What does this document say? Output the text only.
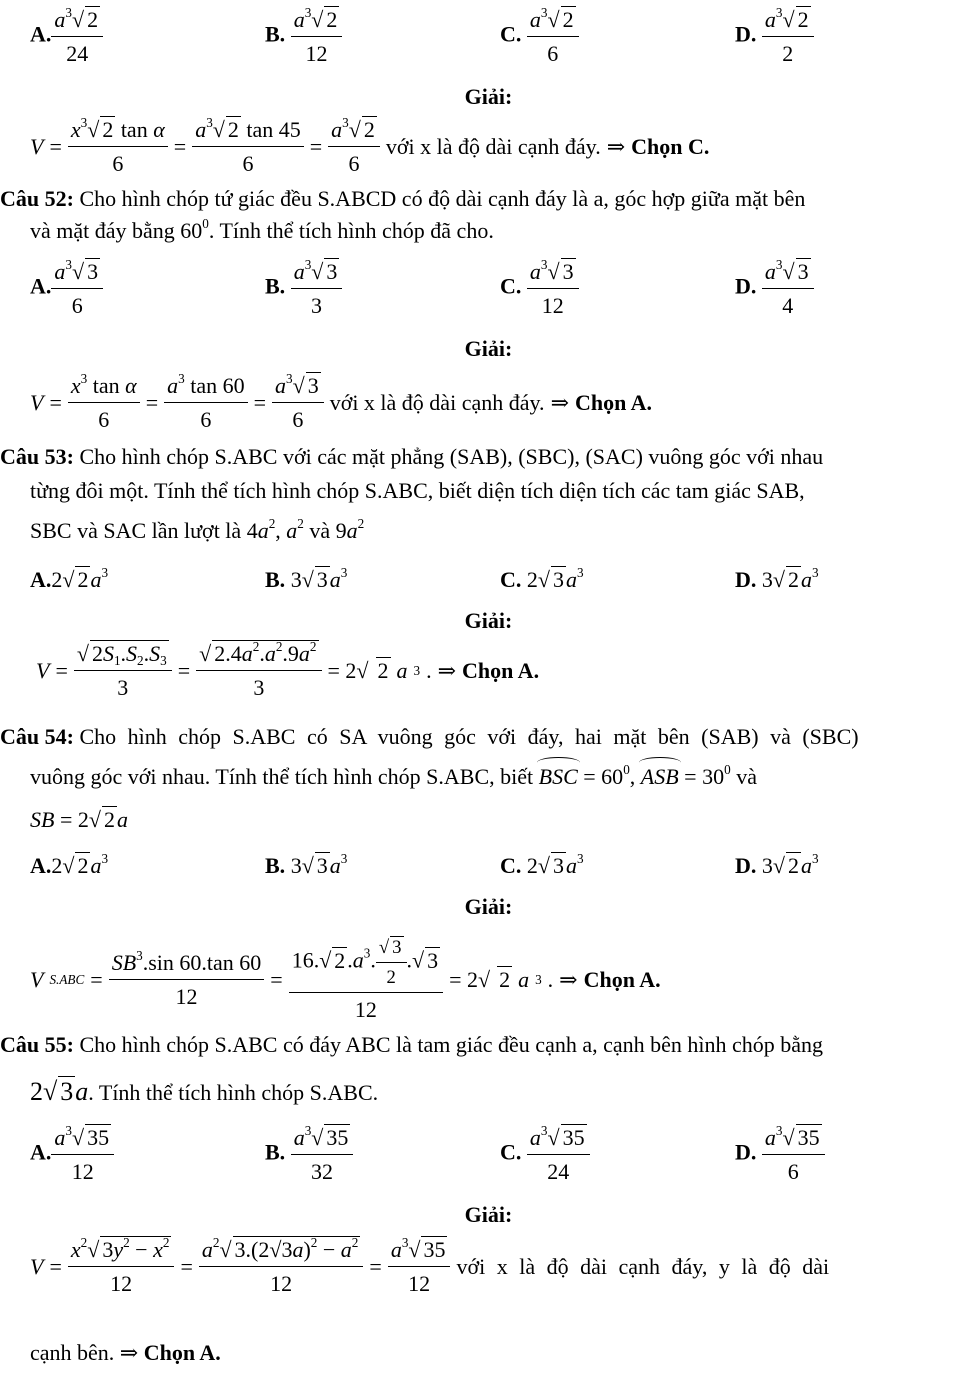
A. $\frac{a^3√ 2}{24}$	B. $\frac{a^3√ 2}{12}$	C. $\frac{a^3√ 2}{6}$	D. $\frac{a^3√ 2}{2}$
Giải:
V =
$x^3√$ 2 tan α
6
=
$a^3√$ 2 tan 45
6
=
$a^3√$ 2
6
với x là độ dài cạnh đáy. ⇒ Chọn C.
Câu 52: Cho hình chóp tứ giác đều S.ABCD có độ dài cạnh đáy là a, góc hợp giữa mặt bên
và mặt đáy bằng $60^0$. Tính thể tích hình chóp đã cho.
A. $\frac{a^3√ 3}{6}$	B. $\frac{a^3√ 3}{3}$	C. $\frac{a^3√ 3}{12}$	D. $\frac{a^3√ 3}{4}$
Giải:
V =
$x^3$ tan α
6
=
$a^3$ tan 60
6
=
$a^3√$ 3
6
với x là độ dài cạnh đáy. ⇒ Chọn A.
Câu 53: Cho hình chóp S.ABC với các mặt phẳng (SAB), (SBC), (SAC) vuông góc với nhau
từng đôi một. Tính thể tích hình chóp S.ABC, biết diện tích diện tích các tam giác SAB,
SBC và SAC lần lượt là $4a^2$, $a^2$ và $9a^2$
A.2√ $2a^3$	B. 3√ $3a^3$	C. 2√ $3a^3$	D. 3√ $2a^3$
Giải:
V =
√ $2S_1.S_2.S_3$
3
=
√ $2.4a^2.a^2.9a^2$
3
= 2√ 2 a 3 . ⇒ Chọn A.
Câu 54: Cho hình chóp S.ABC có SA vuông góc với đáy, hai mặt bên (SAB) và (SBC)
vuông góc với nhau. Tính thể tích hình chóp S.ABC, biết BSC = $60^0$, ASB = $30^0$ và
SB = 2√ 2a
A.2√ $2a^3$	B. 3√ $3a^3$	C. 2√ $3a^3$	D. 3√ $2a^3$
Giải:
V S.ABC =
$SB^3.\sin$ 60.tan 60
12
=
16.√ $2.a^3$. $\frac{√ 3}{2}$ .√ 3
12
= 2√ 2 a 3 . ⇒ Chọn A.
Câu 55: Cho hình chóp S.ABC có đáy ABC là tam giác đều cạnh a, cạnh bên hình chóp bằng
2√ 3a. Tính thể tích hình chóp S.ABC.
A. $\frac{a^3√ 35}{12}$	B. $\frac{a^3√ 35}{32}$	C. $\frac{a^3√ 35}{24}$	D. $\frac{a^3√ 35}{6}$
Giải:
V =
$x^2√$ $3y^2 - x^2$
12
=
$a^2√$ $3.(2√3a)^2 - a^2$
12
=
$a^3√$ 35
12
với x là độ dài cạnh đáy, y là độ dài
cạnh bên. ⇒ Chọn A.
